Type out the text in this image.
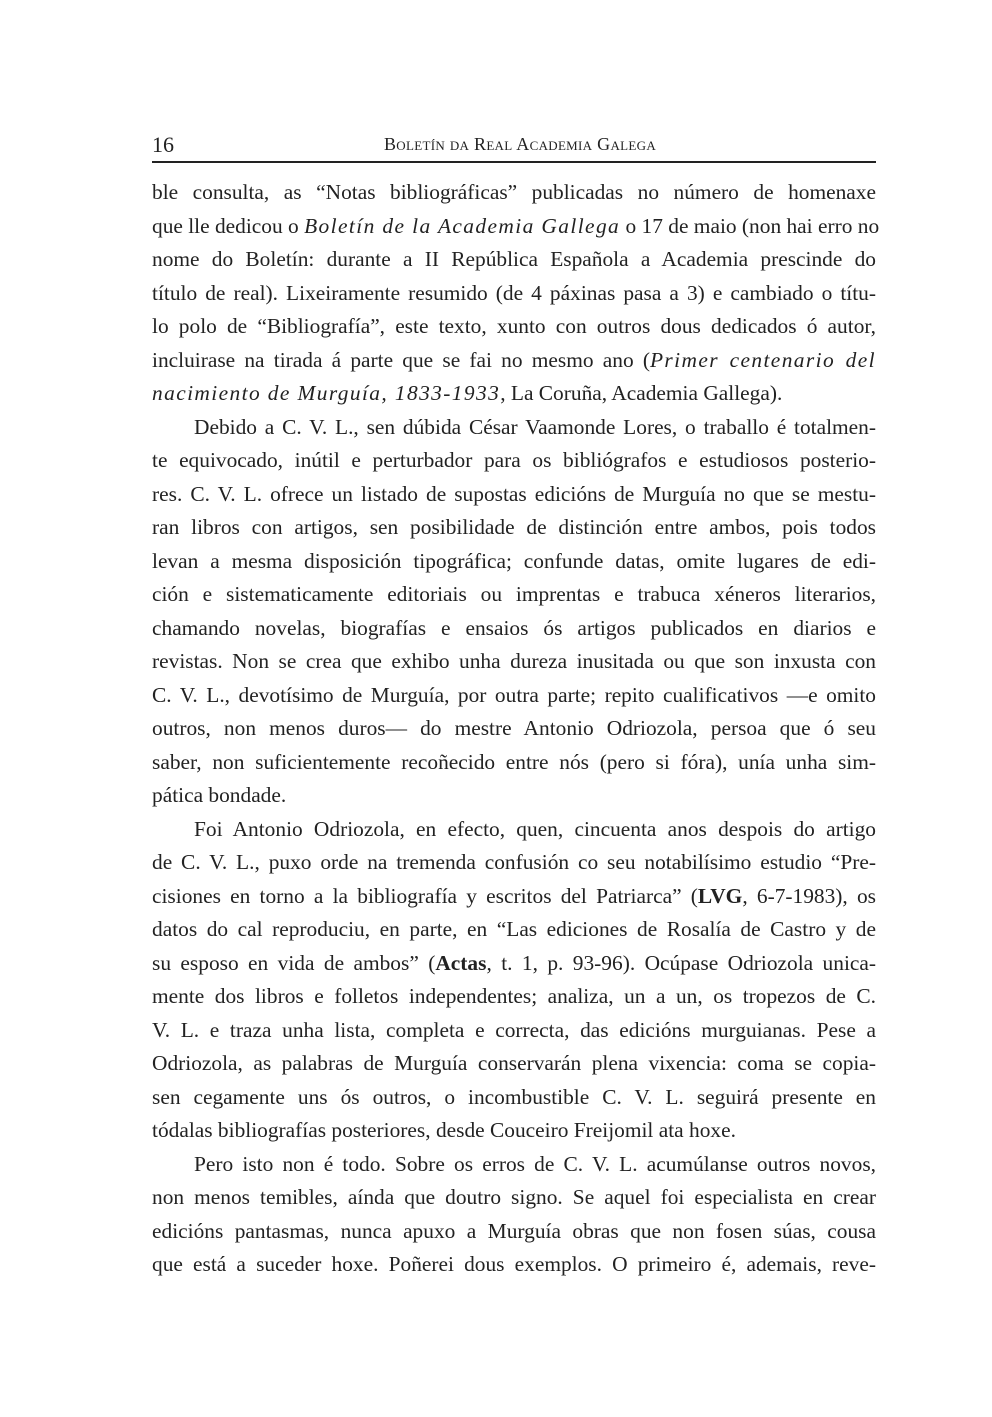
16	Boletín da Real Academia Galega
ble consulta, as “Notas bibliográficas” publicadas no número de homenaxe
que lle dedicou o Boletín de la Academia Gallega o 17 de maio (non hai erro no
nome do Boletín: durante a II República Española a Academia prescinde do
título de real). Lixeiramente resumido (de 4 páxinas pasa a 3) e cambiado o títu-
lo polo de “Bibliografía”, este texto, xunto con outros dous dedicados ó autor,
incluirase na tirada á parte que se fai no mesmo ano (Primer centenario del
nacimiento de Murguía, 1833-1933, La Coruña, Academia Gallega).
Debido a C. V. L., sen dúbida César Vaamonde Lores, o traballo é totalmen-
te equivocado, inútil e perturbador para os bibliógrafos e estudiosos posterio-
res. C. V. L. ofrece un listado de supostas edicións de Murguía no que se mestu-
ran libros con artigos, sen posibilidade de distinción entre ambos, pois todos
levan a mesma disposición tipográfica; confunde datas, omite lugares de edi-
ción e sistematicamente editoriais ou imprentas e trabuca xéneros literarios,
chamando novelas, biografías e ensaios ós artigos publicados en diarios e
revistas. Non se crea que exhibo unha dureza inusitada ou que son inxusta con
C. V. L., devotísimo de Murguía, por outra parte; repito cualificativos —e omito
outros, non menos duros— do mestre Antonio Odriozola, persoa que ó seu
saber, non suficientemente recoñecido entre nós (pero si fóra), unía unha sim-
pática bondade.
Foi Antonio Odriozola, en efecto, quen, cincuenta anos despois do artigo
de C. V. L., puxo orde na tremenda confusión co seu notabilísimo estudio “Pre-
cisiones en torno a la bibliografía y escritos del Patriarca” (LVG, 6-7-1983), os
datos do cal reproduciu, en parte, en “Las ediciones de Rosalía de Castro y de
su esposo en vida de ambos” (Actas, t. 1, p. 93-96). Ocúpase Odriozola unica-
mente dos libros e folletos independentes; analiza, un a un, os tropezos de C.
V. L. e traza unha lista, completa e correcta, das edicións murguianas. Pese a
Odriozola, as palabras de Murguía conservarán plena vixencia: coma se copia-
sen cegamente uns ós outros, o incombustible C. V. L. seguirá presente en
tódalas bibliografías posteriores, desde Couceiro Freijomil ata hoxe.
Pero isto non é todo. Sobre os erros de C. V. L. acumúlanse outros novos,
non menos temibles, aínda que doutro signo. Se aquel foi especialista en crear
edicións pantasmas, nunca apuxo a Murguía obras que non fosen súas, cousa
que está a suceder hoxe. Poñerei dous exemplos. O primeiro é, ademais, reve-
